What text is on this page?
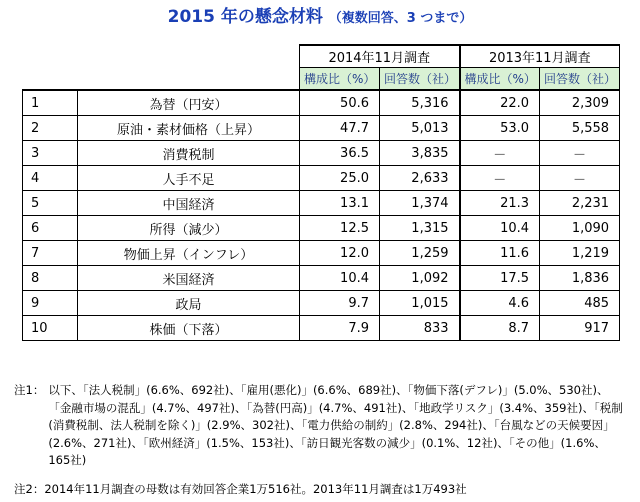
2015 年の懸念材料 （複数回答、3 つまで）
		2014年11月調査		2013年11月調査	
		構成比（%）	回答数（社）	構成比（%）	回答数（社）
1	為替（円安）	50.6	5,316	22.0	2,309
2	原油・素材価格（上昇）	47.7	5,013	53.0	5,558
3	消費税制	36.5	3,835	－	－
4	人手不足	25.0	2,633	－	－
5	中国経済	13.1	1,374	21.3	2,231
6	所得（減少）	12.5	1,315	10.4	1,090
7	物価上昇（インフレ）	12.0	1,259	11.6	1,219
8	米国経済	10.4	1,092	17.5	1,836
9	政局	9.7	1,015	4.6	485
10	株価（下落）	7.9	833	8.7	917
注1： 以下、「法人税制」(6.6%、692社)、「雇用(悪化)」(6.6%、689社)、「物価下落(デフレ)」(5.0%、530社)、「金融市場の混乱」(4.7%、497社)、「為替(円高)」(4.7%、491社)、「地政学リスク」(3.4%、359社)、「税制(消費税制、法人税制を除く)」(2.9%、302社)、「電力供給の制約」(2.8%、294社)、「台風などの天候要因」(2.6%、271社)、「欧州経済」(1.5%、153社)、「訪日観光客数の減少」(0.1%、12社)、「その他」(1.6%、165社)
注2：2014年11月調査の母数は有効回答企業1万516社。2013年11月調査は1万493社
